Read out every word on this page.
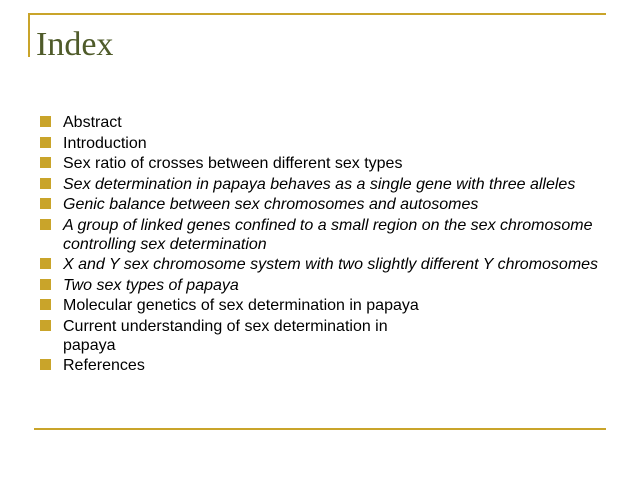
Index
Abstract
Introduction
Sex ratio of crosses between different sex types
Sex determination in papaya behaves as a single gene with three alleles
Genic balance between sex chromosomes and autosomes
A group of linked genes confined to a small region on the sex chromosome controlling sex determination
X and Y sex chromosome system with two slightly different Y chromosomes
Two sex types of papaya
Molecular genetics of sex determination in papaya
Current understanding of sex determination in
papaya
References
